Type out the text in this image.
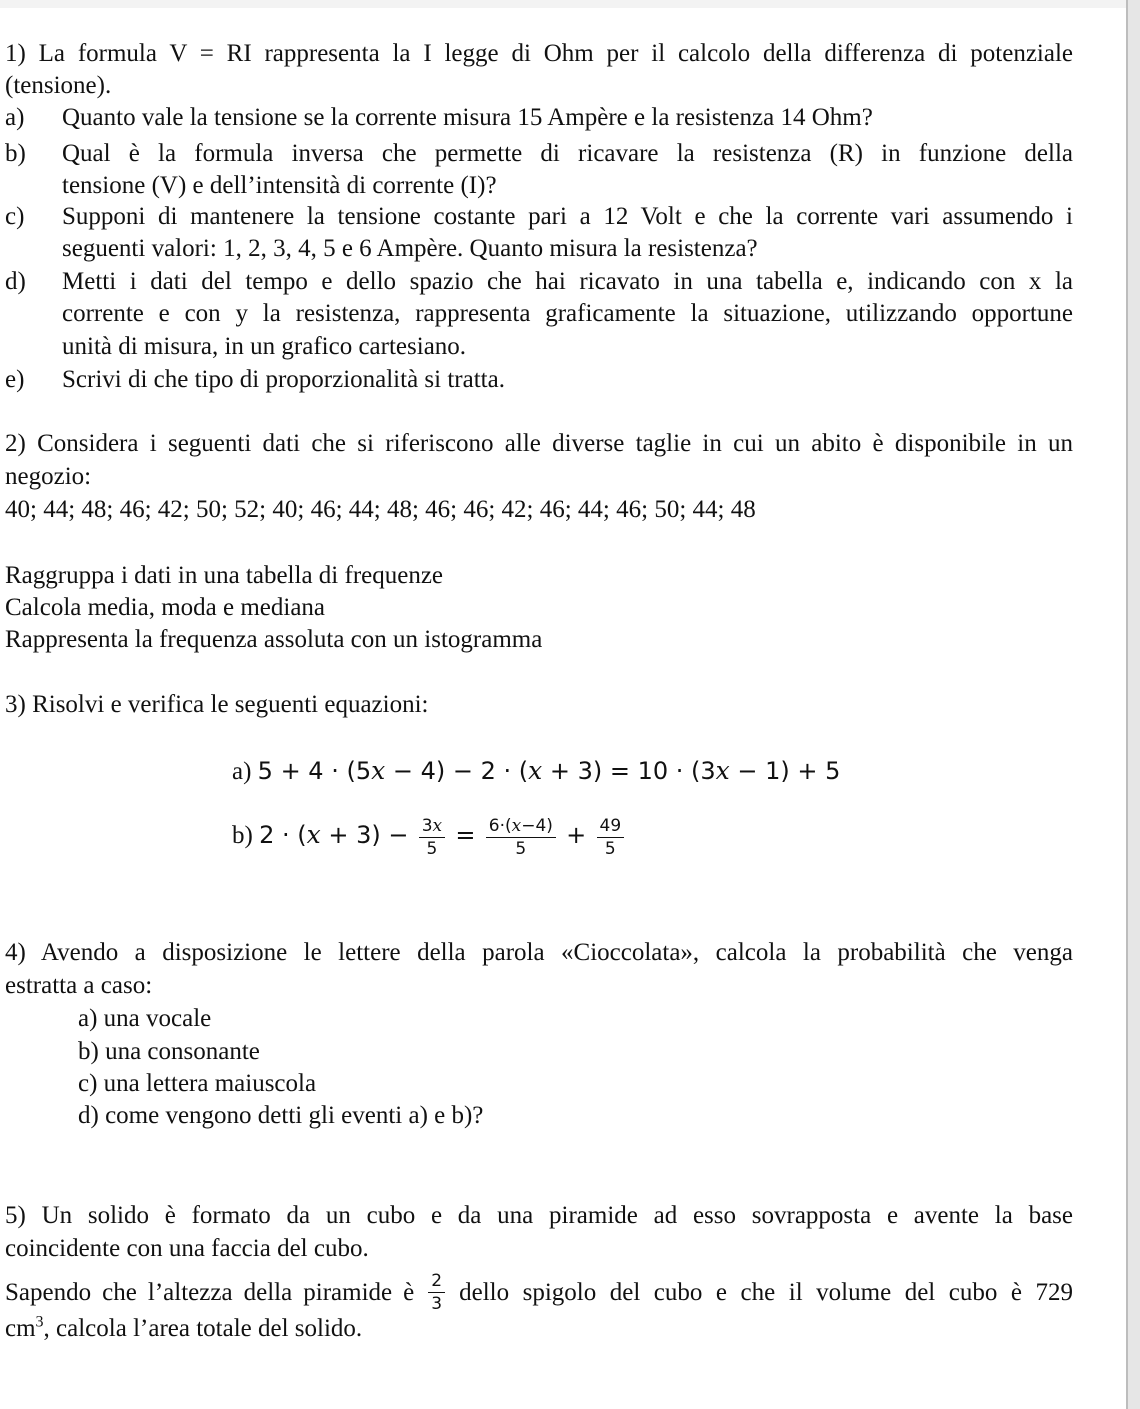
1) La formula V = RI rappresenta la I legge di Ohm per il calcolo della differenza di potenziale
(tensione).
a) Quanto vale la tensione se la corrente misura 15 Ampère e la resistenza 14 Ohm?
b) Qual è la formula inversa che permette di ricavare la resistenza (R) in funzione della
tensione (V) e dell’intensità di corrente (I)?
c) Supponi di mantenere la tensione costante pari a 12 Volt e che la corrente vari assumendo i
seguenti valori: 1, 2, 3, 4, 5 e 6 Ampère. Quanto misura la resistenza?
d) Metti i dati del tempo e dello spazio che hai ricavato in una tabella e, indicando con x la
corrente e con y la resistenza, rappresenta graficamente la situazione, utilizzando opportune
unità di misura, in un grafico cartesiano.
e) Scrivi di che tipo di proporzionalità si tratta.
2) Considera i seguenti dati che si riferiscono alle diverse taglie in cui un abito è disponibile in un
negozio:
40; 44; 48; 46; 42; 50; 52; 40; 46; 44; 48; 46; 46; 42; 46; 44; 46; 50; 44; 48
Raggruppa i dati in una tabella di frequenze
Calcola media, moda e mediana
Rappresenta la frequenza assoluta con un istogramma
3) Risolvi e verifica le seguenti equazioni:
a) 5 + 4 · (5x − 4) − 2 · (x + 3) = 10 · (3x − 1) + 5
b) $2 \cdot (x + 3) - \frac{3x}{5} = \frac{6\cdot(x-4)}{5} + \frac{49}{5}$
4) Avendo a disposizione le lettere della parola «Cioccolata», calcola la probabilità che venga
estratta a caso:
a) una vocale
b) una consonante
c) una lettera maiuscola
d) come vengono detti gli eventi a) e b)?
5) Un solido è formato da un cubo e da una piramide ad esso sovrapposta e avente la base
coincidente con una faccia del cubo.
Sapendo che l’altezza della piramide è $\frac{2}{3}$ dello spigolo del cubo e che il volume del cubo è 729
$cm^3$, calcola l’area totale del solido.
